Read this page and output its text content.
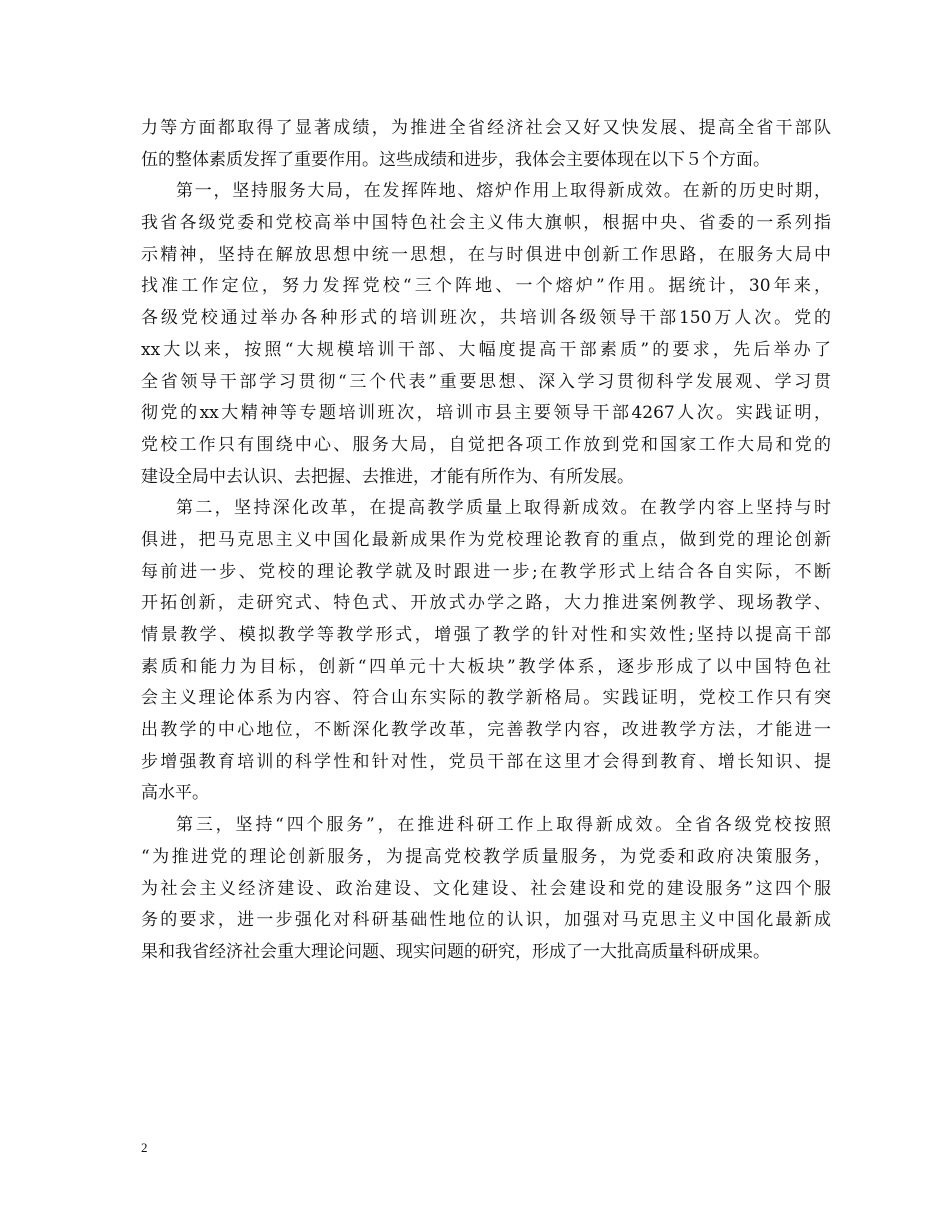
力等方面都取得了显著成绩，为推进全省经济社会又好又快发展、提高全省干部队
伍的整体素质发挥了重要作用。这些成绩和进步，我体会主要体现在以下５个方面。
第一，坚持服务大局，在发挥阵地、熔炉作用上取得新成效。在新的历史时期，
我省各级党委和党校高举中国特色社会主义伟大旗帜，根据中央、省委的一系列指
示精神，坚持在解放思想中统一思想，在与时俱进中创新工作思路，在服务大局中
找准工作定位，努力发挥党校“三个阵地、一个熔炉”作用。据统计，30年来，
各级党校通过举办各种形式的培训班次，共培训各级领导干部150万人次。党的
xx大以来，按照“大规模培训干部、大幅度提高干部素质”的要求，先后举办了
全省领导干部学习贯彻“三个代表”重要思想、深入学习贯彻科学发展观、学习贯
彻党的xx大精神等专题培训班次，培训市县主要领导干部4267人次。实践证明，
党校工作只有围绕中心、服务大局，自觉把各项工作放到党和国家工作大局和党的
建设全局中去认识、去把握、去推进，才能有所作为、有所发展。
第二，坚持深化改革，在提高教学质量上取得新成效。在教学内容上坚持与时
俱进，把马克思主义中国化最新成果作为党校理论教育的重点，做到党的理论创新
每前进一步、党校的理论教学就及时跟进一步;在教学形式上结合各自实际，不断
开拓创新，走研究式、特色式、开放式办学之路，大力推进案例教学、现场教学、
情景教学、模拟教学等教学形式，增强了教学的针对性和实效性;坚持以提高干部
素质和能力为目标，创新“四单元十大板块”教学体系，逐步形成了以中国特色社
会主义理论体系为内容、符合山东实际的教学新格局。实践证明，党校工作只有突
出教学的中心地位，不断深化教学改革，完善教学内容，改进教学方法，才能进一
步增强教育培训的科学性和针对性，党员干部在这里才会得到教育、增长知识、提
高水平。
第三，坚持“四个服务”，在推进科研工作上取得新成效。全省各级党校按照
“为推进党的理论创新服务，为提高党校教学质量服务，为党委和政府决策服务，
为社会主义经济建设、政治建设、文化建设、社会建设和党的建设服务”这四个服
务的要求，进一步强化对科研基础性地位的认识，加强对马克思主义中国化最新成
果和我省经济社会重大理论问题、现实问题的研究，形成了一大批高质量科研成果。
2
